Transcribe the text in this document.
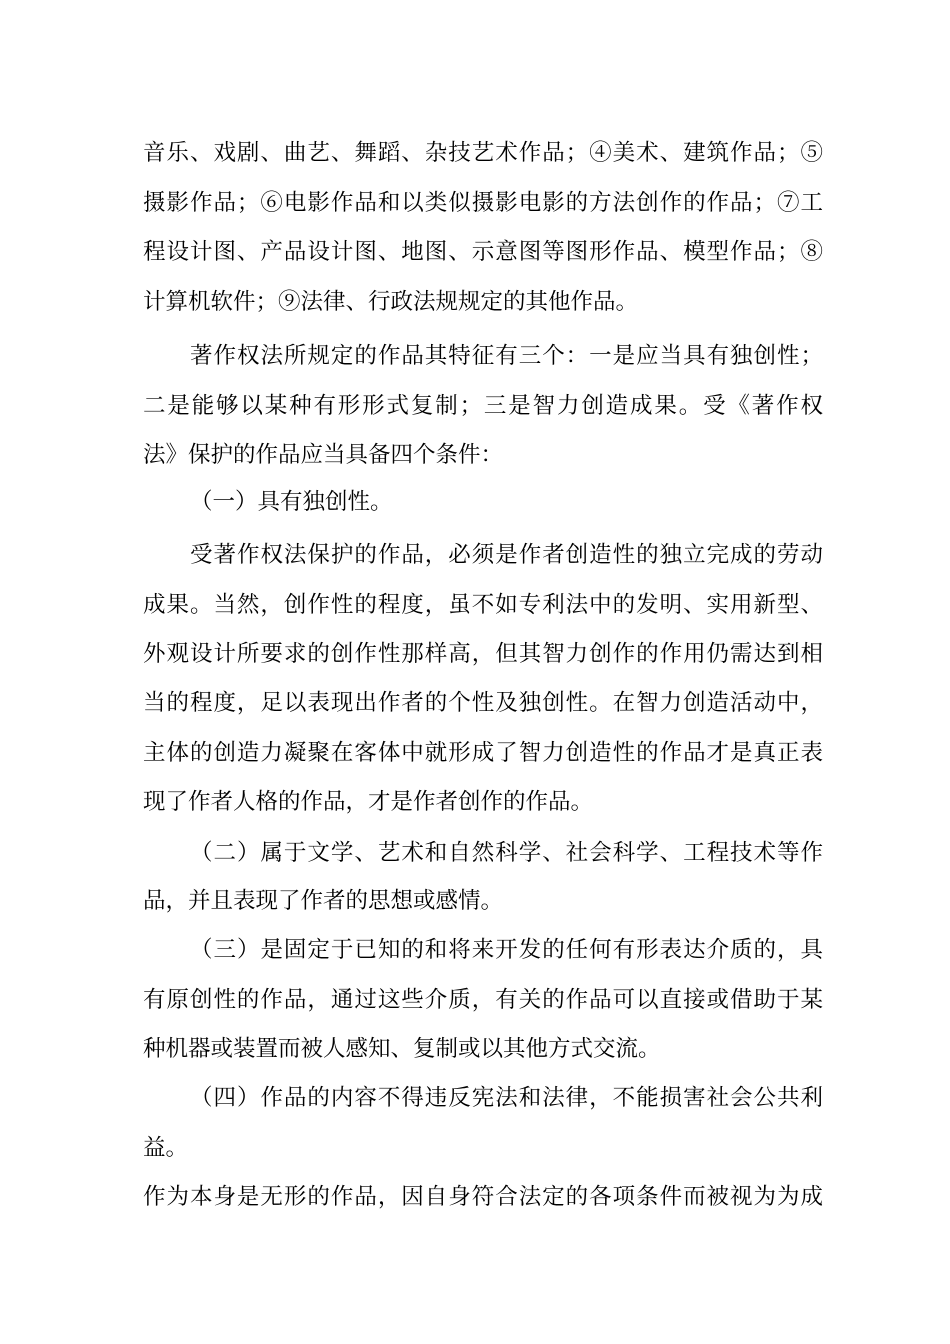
音乐、戏剧、曲艺、舞蹈、杂技艺术作品；④美术、建筑作品；⑤
摄影作品；⑥电影作品和以类似摄影电影的方法创作的作品；⑦工
程设计图、产品设计图、地图、示意图等图形作品、模型作品；⑧
计算机软件；⑨法律、行政法规规定的其他作品。
著作权法所规定的作品其特征有三个：一是应当具有独创性；
二是能够以某种有形形式复制；三是智力创造成果。受《著作权
法》保护的作品应当具备四个条件：
（一）具有独创性。
受著作权法保护的作品，必须是作者创造性的独立完成的劳动
成果。当然，创作性的程度，虽不如专利法中的发明、实用新型、
外观设计所要求的创作性那样高，但其智力创作的作用仍需达到相
当的程度，足以表现出作者的个性及独创性。在智力创造活动中，
主体的创造力凝聚在客体中就形成了智力创造性的作品才是真正表
现了作者人格的作品，才是作者创作的作品。
（二）属于文学、艺术和自然科学、社会科学、工程技术等作
品，并且表现了作者的思想或感情。
（三）是固定于已知的和将来开发的任何有形表达介质的，具
有原创性的作品，通过这些介质，有关的作品可以直接或借助于某
种机器或装置而被人感知、复制或以其他方式交流。
（四）作品的内容不得违反宪法和法律，不能损害社会公共利
益。
作为本身是无形的作品，因自身符合法定的各项条件而被视为为成
